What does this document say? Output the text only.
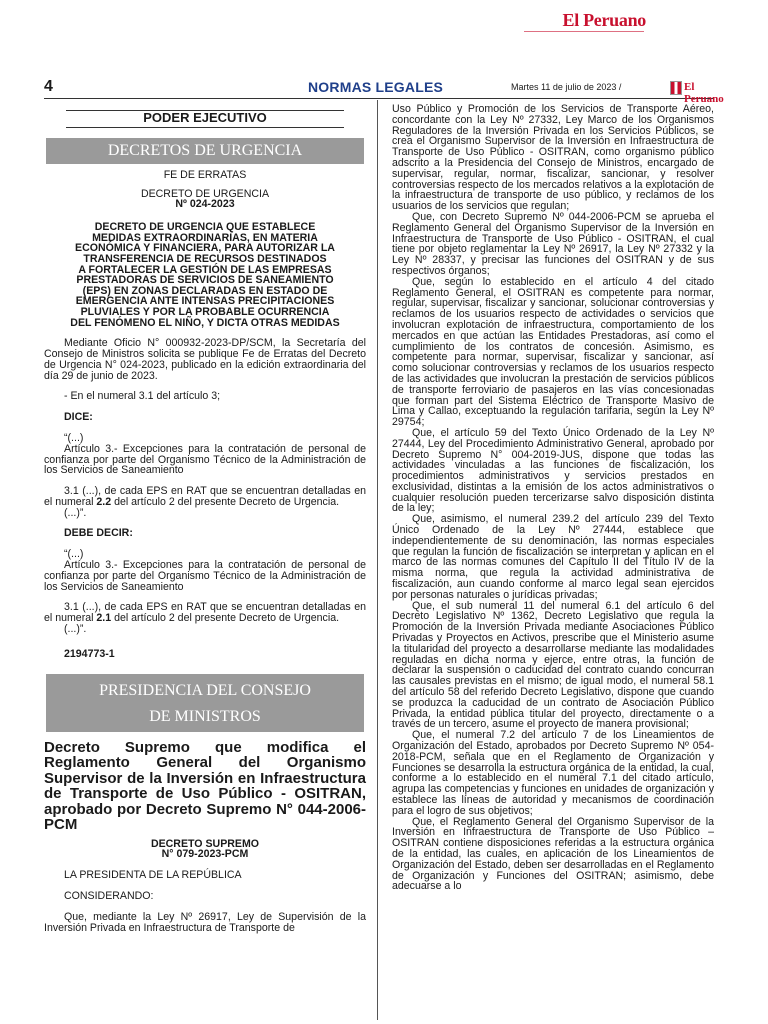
El Peruano
4	NORMAS LEGALES	Martes 11 de julio de 2023 /	El Peruano
PODER EJECUTIVO
DECRETOS DE URGENCIA

FE DE ERRATAS

DECRETO DE URGENCIA

Nº 024-2023

DECRETO DE URGENCIA QUE ESTABLECE
MEDIDAS EXTRAORDINARIAS, EN MATERIA
ECONÓMICA Y FINANCIERA, PARA AUTORIZAR LA
TRANSFERENCIA DE RECURSOS DESTINADOS
A FORTALECER LA GESTIÓN DE LAS EMPRESAS
PRESTADORAS DE SERVICIOS DE SANEAMIENTO
(EPS) EN ZONAS DECLARADAS EN ESTADO DE
EMERGENCIA ANTE INTENSAS PRECIPITACIONES
PLUVIALES Y POR LA PROBABLE OCURRENCIA
DEL FENÓMENO EL NIÑO, Y DICTA OTRAS MEDIDAS

Mediante Oficio N° 000932-2023-DP/SCM, la Secretaría del Consejo de Ministros solicita se publique Fe de Erratas del Decreto de Urgencia N° 024-2023, publicado en la edición extraordinaria del día 29 de junio de 2023.

- En el numeral 3.1 del artículo 3;

DICE:

“(...)

Artículo 3.- Excepciones para la contratación de personal de confianza por parte del Organismo Técnico de la Administración de los Servicios de Saneamiento

3.1 (...), de cada EPS en RAT que se encuentran detalladas en el numeral 2.2 del artículo 2 del presente Decreto de Urgencia.

(...)”.

DEBE DECIR:

“(...)

Artículo 3.- Excepciones para la contratación de personal de confianza por parte del Organismo Técnico de la Administración de los Servicios de Saneamiento

3.1 (...), de cada EPS en RAT que se encuentran detalladas en el numeral 2.1 del artículo 2 del presente Decreto de Urgencia.

(...)”.

2194773-1

PRESIDENCIA DEL CONSEJO
DE MINISTROS

Decreto Supremo que modifica el Reglamento General del Organismo Supervisor de la Inversión en Infraestructura de Transporte de Uso Público - OSITRAN, aprobado por Decreto Supremo N° 044-2006-PCM

DECRETO SUPREMO

N° 079-2023-PCM

LA PRESIDENTA DE LA REPÚBLICA

CONSIDERANDO:

Que, mediante la Ley Nº 26917, Ley de Supervisión de la Inversión Privada en Infraestructura de Transporte de

Uso Público y Promoción de los Servicios de Transporte Aéreo, concordante con la Ley Nº 27332, Ley Marco de los Organismos Reguladores de la Inversión Privada en los Servicios Públicos, se crea el Organismo Supervisor de la Inversión en Infraestructura de Transporte de Uso Público - OSITRAN, como organismo público adscrito a la Presidencia del Consejo de Ministros, encargado de supervisar, regular, normar, fiscalizar, sancionar, y resolver controversias respecto de los mercados relativos a la explotación de la infraestructura de transporte de uso público, y reclamos de los usuarios de los servicios que regulan;

Que, con Decreto Supremo Nº 044-2006-PCM se aprueba el Reglamento General del Organismo Supervisor de la Inversión en Infraestructura de Transporte de Uso Público - OSITRAN, el cual tiene por objeto reglamentar la Ley Nº 26917, la Ley Nº 27332 y la Ley Nº 28337, y precisar las funciones del OSITRAN y de sus respectivos órganos;

Que, según lo establecido en el artículo 4 del citado Reglamento General, el OSITRAN es competente para normar, regular, supervisar, fiscalizar y sancionar, solucionar controversias y reclamos de los usuarios respecto de actividades o servicios que involucran explotación de infraestructura, comportamiento de los mercados en que actúan las Entidades Prestadoras, así como el cumplimiento de los contratos de concesión. Asimismo, es competente para normar, supervisar, fiscalizar y sancionar, así como solucionar controversias y reclamos de los usuarios respecto de las actividades que involucran la prestación de servicios públicos de transporte ferroviario de pasajeros en las vías concesionadas que forman part del Sistema Eléctrico de Transporte Masivo de Lima y Callao, exceptuando la regulación tarifaria, según la Ley Nº 29754;

Que, el artículo 59 del Texto Único Ordenado de la Ley Nº 27444, Ley del Procedimiento Administrativo General, aprobado por Decreto Supremo N° 004-2019-JUS, dispone que todas las actividades vinculadas a las funciones de fiscalización, los procedimientos administrativos y servicios prestados en exclusividad, distintas a la emisión de los actos administrativos o cualquier resolución pueden tercerizarse salvo disposición distinta de la ley;

Que, asimismo, el numeral 239.2 del artículo 239 del Texto Único Ordenado de la Ley Nº 27444, establece que independientemente de su denominación, las normas especiales que regulan la función de fiscalización se interpretan y aplican en el marco de las normas comunes del Capítulo II del Título IV de la misma norma, que regula la actividad administrativa de fiscalización, aun cuando conforme al marco legal sean ejercidos por personas naturales o jurídicas privadas;

Que, el sub numeral 11 del numeral 6.1 del artículo 6 del Decreto Legislativo Nº 1362, Decreto Legislativo que regula la Promoción de la Inversión Privada mediante Asociaciones Público Privadas y Proyectos en Activos, prescribe que el Ministerio asume la titularidad del proyecto a desarrollarse mediante las modalidades reguladas en dicha norma y ejerce, entre otras, la función de declarar la suspensión o caducidad del contrato cuando concurran las causales previstas en el mismo; de igual modo, el numeral 58.1 del artículo 58 del referido Decreto Legislativo, dispone que cuando se produzca la caducidad de un contrato de Asociación Público Privada, la entidad pública titular del proyecto, directamente o a través de un tercero, asume el proyecto de manera provisional;

Que, el numeral 7.2 del artículo 7 de los Lineamientos de Organización del Estado, aprobados por Decreto Supremo Nº 054-2018-PCM, señala que en el Reglamento de Organización y Funciones se desarrolla la estructura orgánica de la entidad, la cual, conforme a lo establecido en el numeral 7.1 del citado artículo, agrupa las competencias y funciones en unidades de organización y establece las líneas de autoridad y mecanismos de coordinación para el logro de sus objetivos;

Que, el Reglamento General del Organismo Supervisor de la Inversión en Infraestructura de Transporte de Uso Público – OSITRAN contiene disposiciones referidas a la estructura orgánica de la entidad, las cuales, en aplicación de los Lineamientos de Organización del Estado, deben ser desarrolladas en el Reglamento de Organización y Funciones del OSITRAN; asimismo, debe adecuarse a lo
